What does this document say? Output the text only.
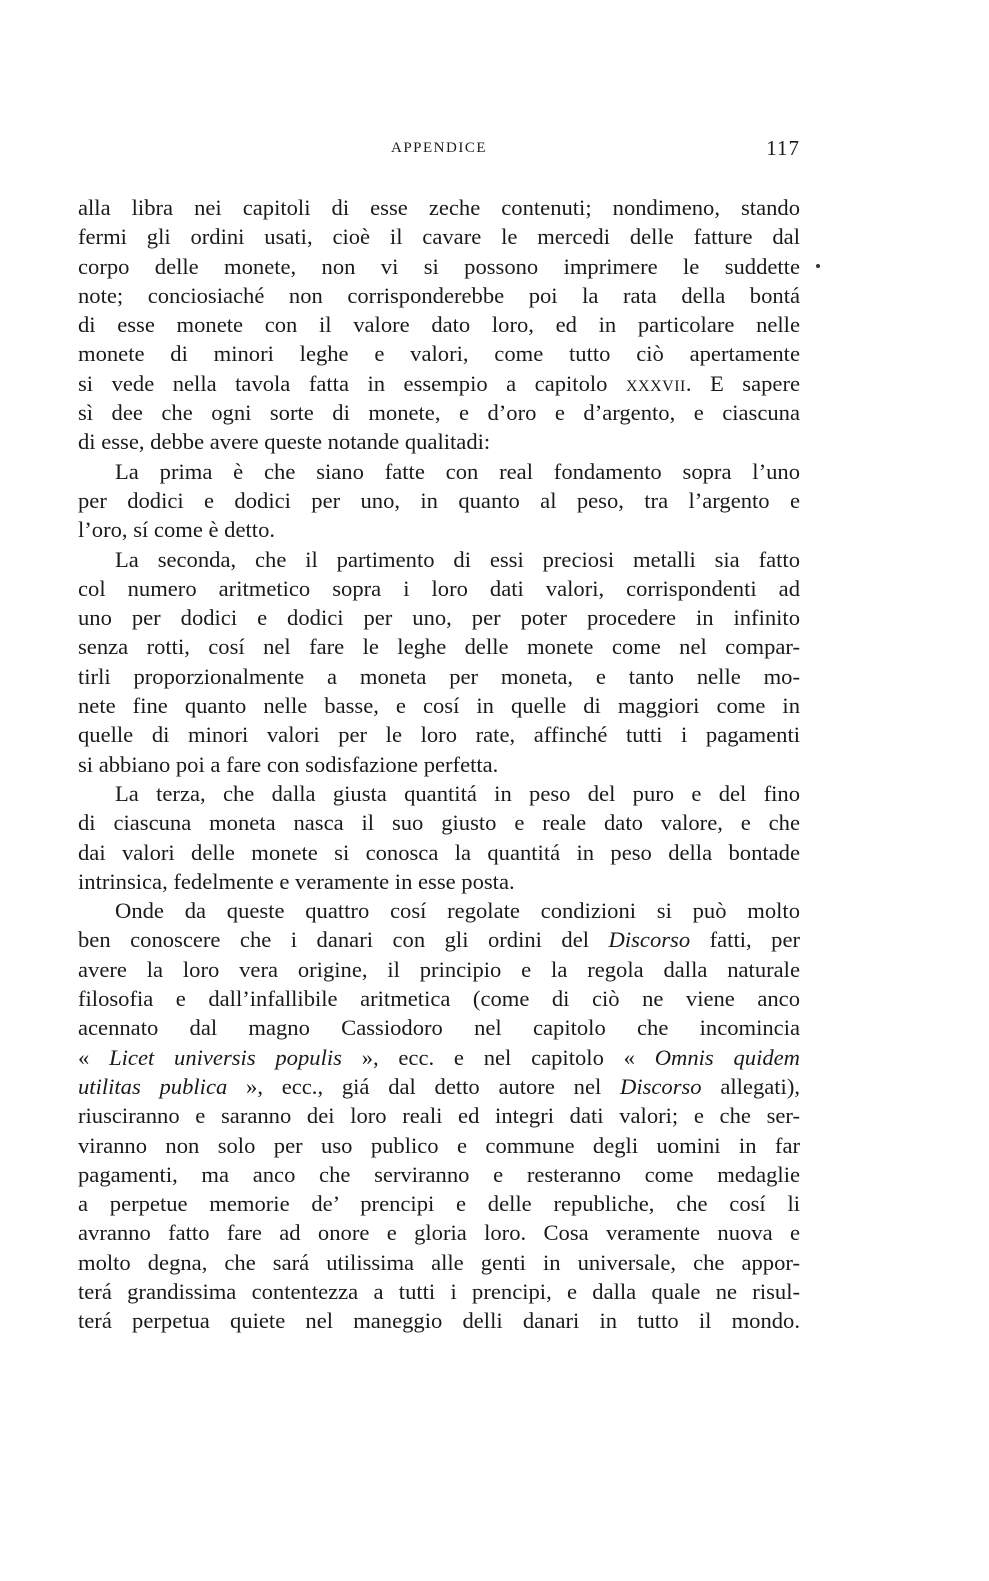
APPENDICE	117
alla libra nei capitoli di esse zeche contenuti; nondimeno, stando
fermi gli ordini usati, cioè il cavare le mercedi delle fatture dal
corpo delle monete, non vi si possono imprimere le suddette
note; conciosiaché non corrisponderebbe poi la rata della bontá
di esse monete con il valore dato loro, ed in particolare nelle
monete di minori leghe e valori, come tutto ciò apertamente
si vede nella tavola fatta in essempio a capitolo xxxvii. E sapere
sì dee che ogni sorte di monete, e d’oro e d’argento, e ciascuna
di esse, debbe avere queste notande qualitadi:
La prima è che siano fatte con real fondamento sopra l’uno
per dodici e dodici per uno, in quanto al peso, tra l’argento e
l’oro, sí come è detto.
La seconda, che il partimento di essi preciosi metalli sia fatto
col numero aritmetico sopra i loro dati valori, corrispondenti ad
uno per dodici e dodici per uno, per poter procedere in infinito
senza rotti, cosí nel fare le leghe delle monete come nel compar-
tirli proporzionalmente a moneta per moneta, e tanto nelle mo-
nete fine quanto nelle basse, e cosí in quelle di maggiori come in
quelle di minori valori per le loro rate, affinché tutti i pagamenti
si abbiano poi a fare con sodisfazione perfetta.
La terza, che dalla giusta quantitá in peso del puro e del fino
di ciascuna moneta nasca il suo giusto e reale dato valore, e che
dai valori delle monete si conosca la quantitá in peso della bontade
intrinsica, fedelmente e veramente in esse posta.
Onde da queste quattro cosí regolate condizioni si può molto
ben conoscere che i danari con gli ordini del Discorso fatti, per
avere la loro vera origine, il principio e la regola dalla naturale
filosofia e dall’infallibile aritmetica (come di ciò ne viene anco
acennato dal magno Cassiodoro nel capitolo che incomincia
« Licet universis populis », ecc. e nel capitolo « Omnis quidem
utilitas publica », ecc., giá dal detto autore nel Discorso allegati),
riusciranno e saranno dei loro reali ed integri dati valori; e che ser-
viranno non solo per uso publico e commune degli uomini in far
pagamenti, ma anco che serviranno e resteranno come medaglie
a perpetue memorie de’ prencipi e delle republiche, che cosí li
avranno fatto fare ad onore e gloria loro. Cosa veramente nuova e
molto degna, che sará utilissima alle genti in universale, che appor-
terá grandissima contentezza a tutti i prencipi, e dalla quale ne risul-
terá perpetua quiete nel maneggio delli danari in tutto il mondo.
